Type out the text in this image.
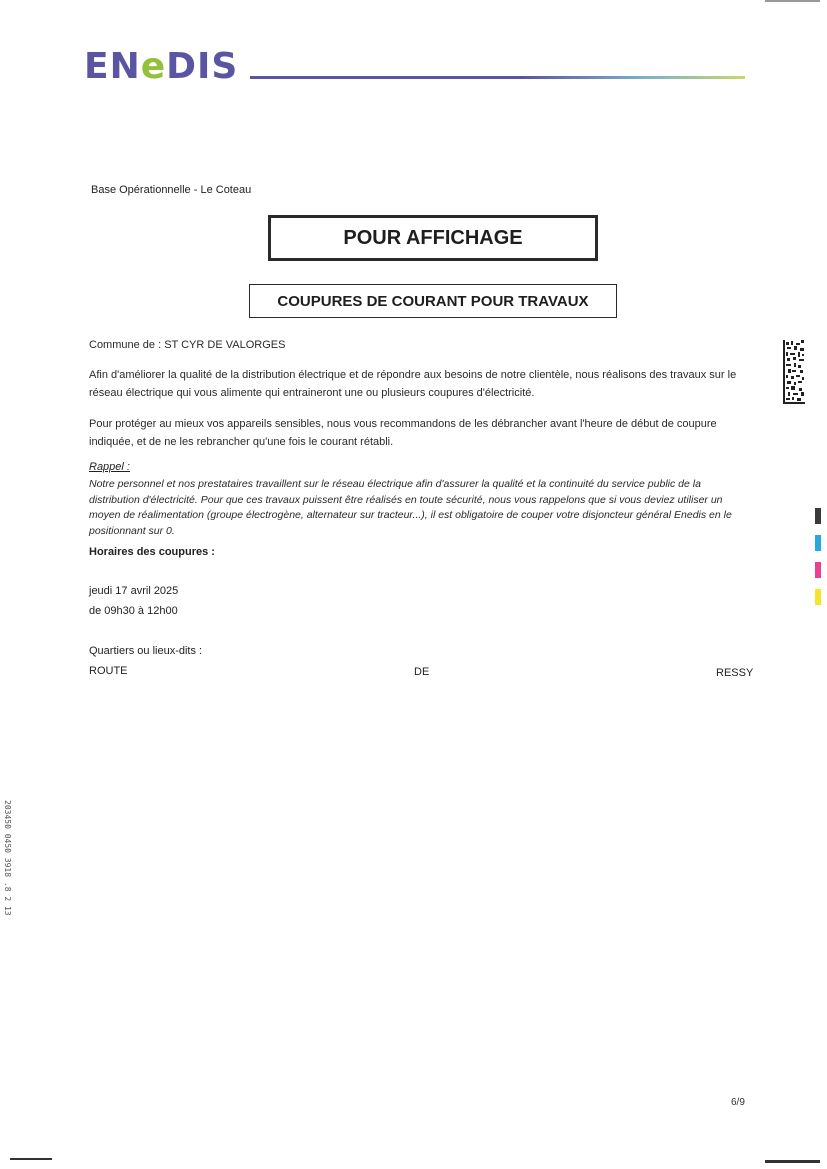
ENeDIS
Base Opérationnelle - Le Coteau
POUR AFFICHAGE
COUPURES DE COURANT POUR TRAVAUX
Commune de : ST CYR DE VALORGES
Afin d'améliorer la qualité de la distribution électrique et de répondre aux besoins de notre clientèle, nous réalisons des travaux sur le réseau électrique qui vous alimente qui entraineront une ou plusieurs coupures d'électricité.
Pour protéger au mieux vos appareils sensibles, nous vous recommandons de les débrancher avant l'heure de début de coupure indiquée, et de ne les rebrancher qu'une fois le courant rétabli.
Rappel :
Notre personnel et nos prestataires travaillent sur le réseau électrique afin d'assurer la qualité et la continuité du service public de la distribution d'électricité. Pour que ces travaux puissent être réalisés en toute sécurité, nous vous rappelons que si vous deviez utiliser un moyen de réalimentation (groupe électrogène, alternateur sur tracteur...), il est obligatoire de couper votre disjoncteur général Enedis en le positionnant sur 0.
Horaires des coupures :
jeudi 17 avril 2025
de 09h30 à 12h00
Quartiers ou lieux-dits :
ROUTE	DE	RESSY
6/9
203450 0450 3918 .8 2 13
